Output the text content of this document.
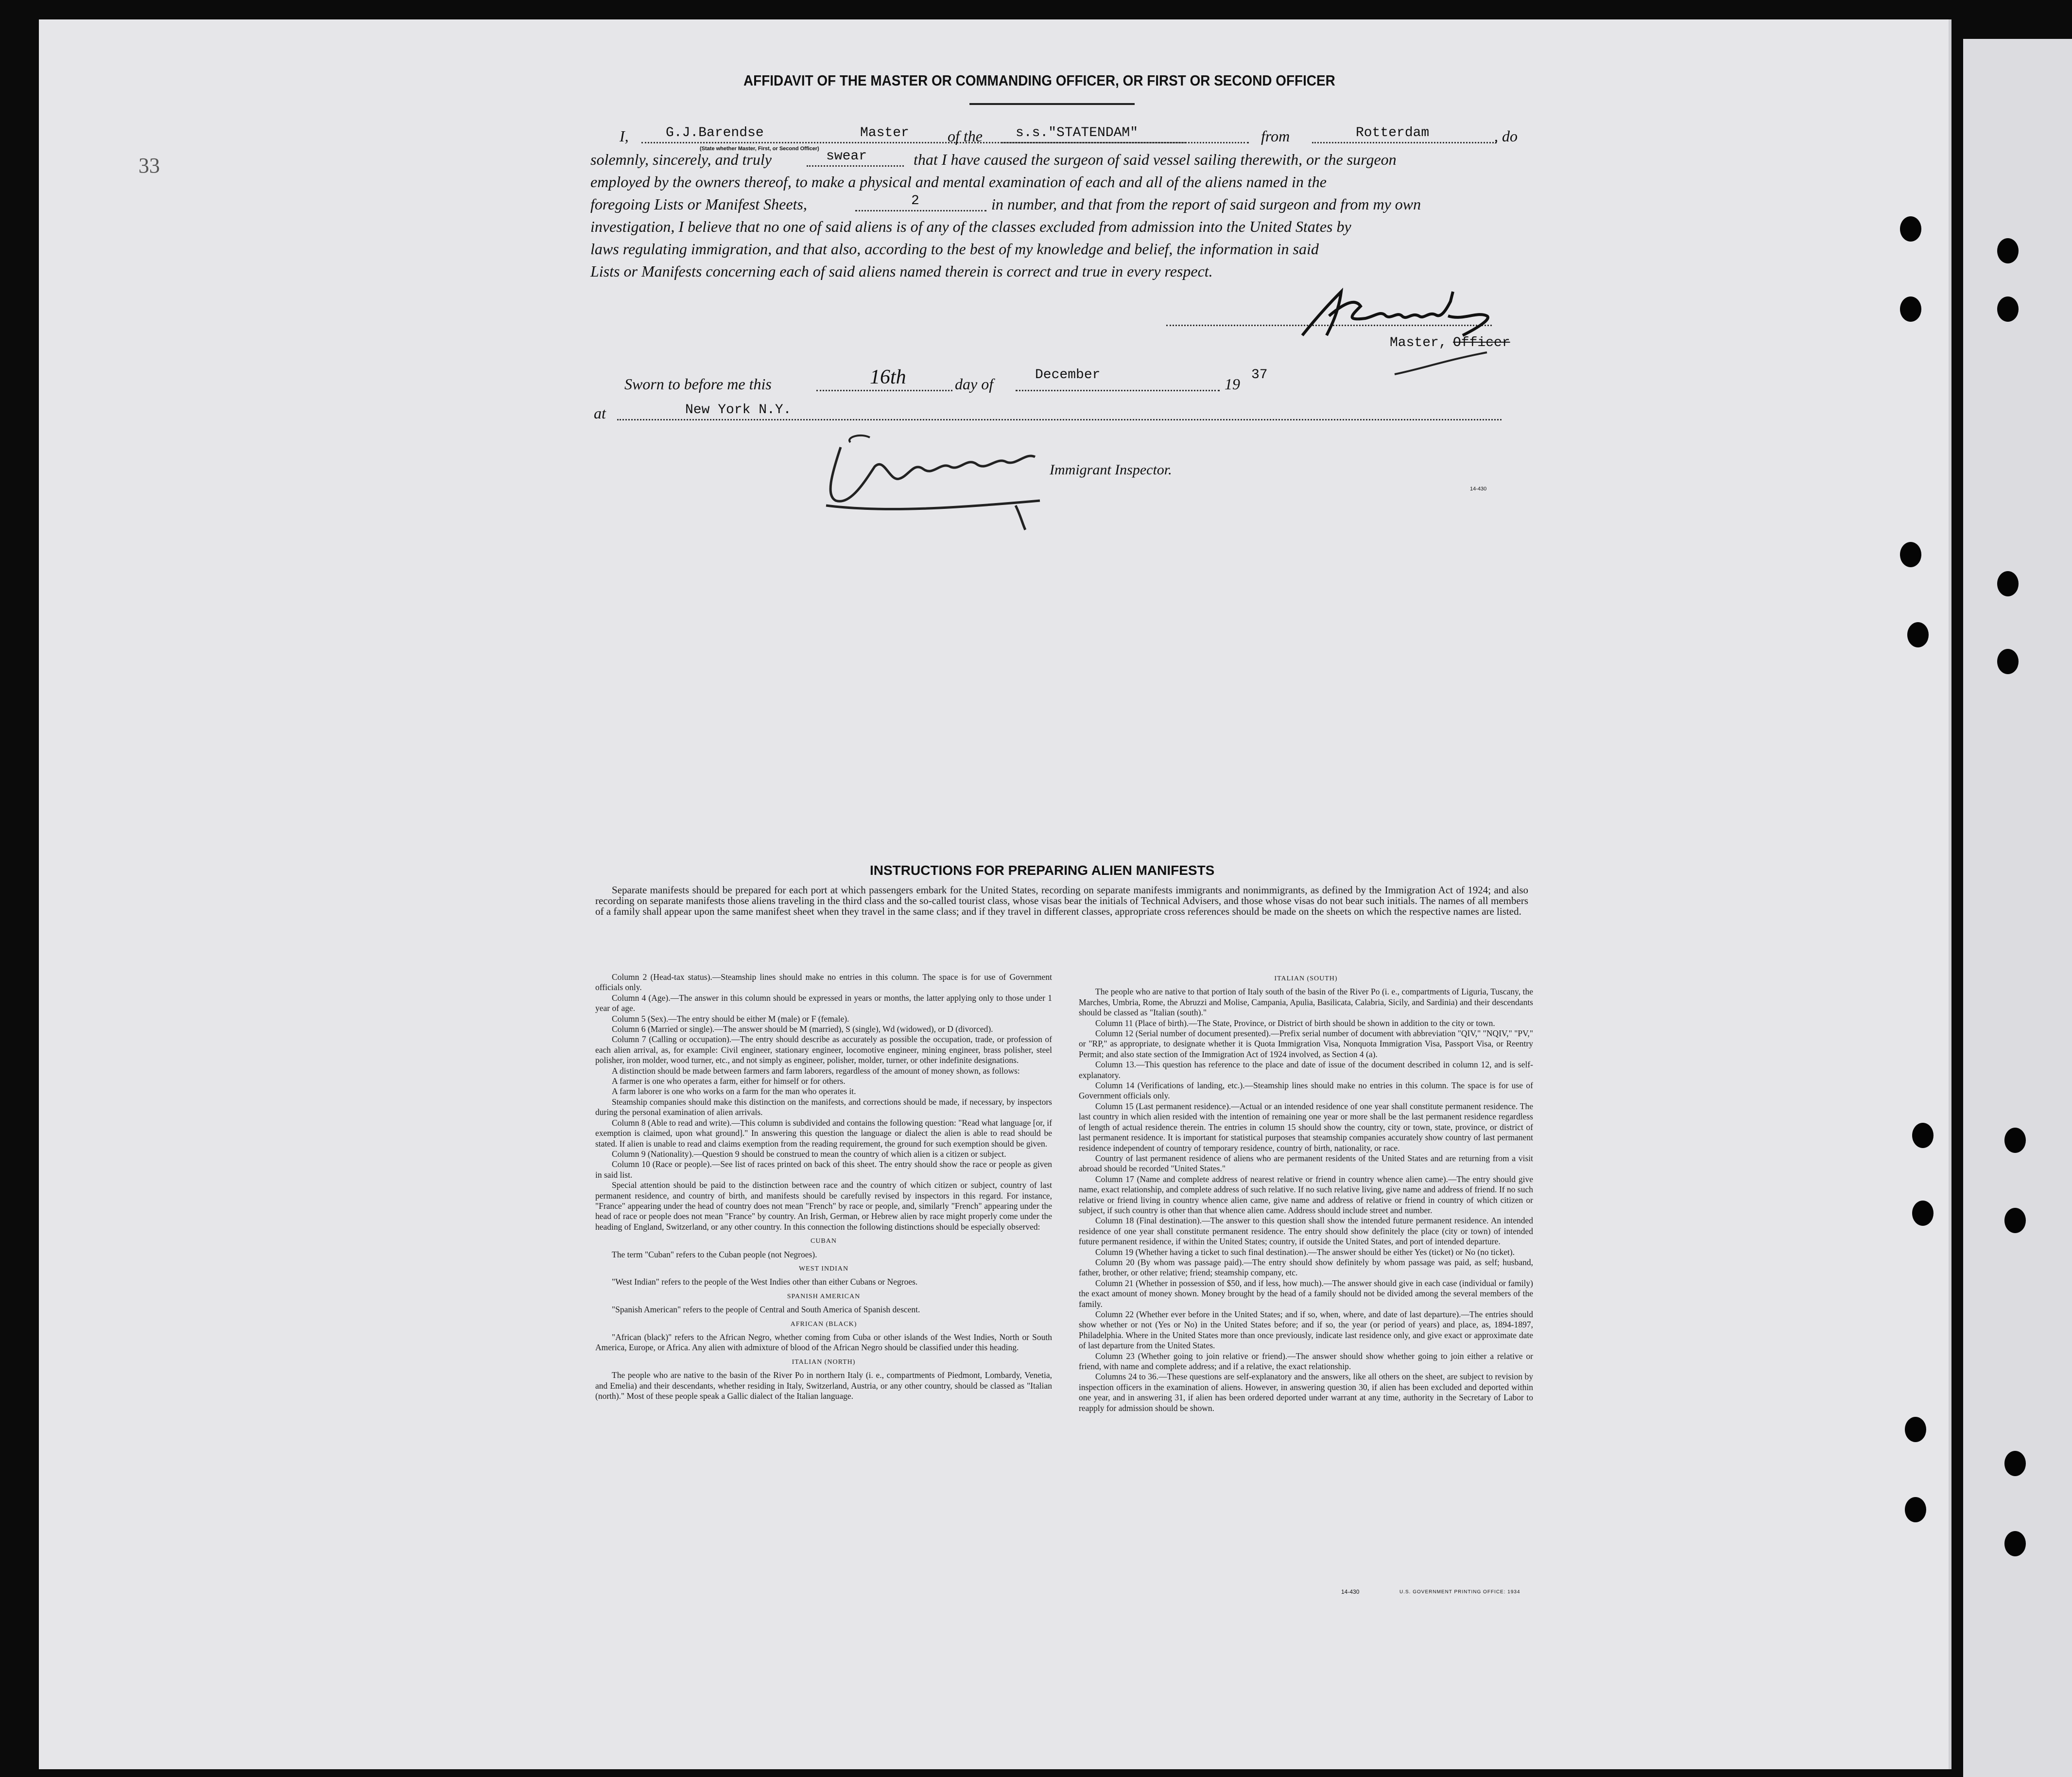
33
AFFIDAVIT OF THE MASTER OR COMMANDING OFFICER, OR FIRST OR SECOND OFFICER
I,	G.J.Barendse	Master
(State whether Master, First, or Second Officer)
of the s.s."STATENDAM"	from	Rotterdam	, do
solemnly, sincerely, and truly	swear	that I have caused the surgeon of said vessel sailing therewith, or the surgeon
employed by the owners thereof, to make a physical and mental examination of each and all of the aliens named in the
foregoing Lists or Manifest Sheets,	2	in number, and that from the report of said surgeon and from my own
investigation, I believe that no one of said aliens is of any of the classes excluded from admission into the United States by
laws regulating immigration, and that also, according to the best of my knowledge and belief, the information in said
Lists or Manifests concerning each of said aliens named therein is correct and true in every respect.
Master, Officer
Sworn to before me this	16th	day of
December
19
37
at	New York N.Y.
Immigrant Inspector.
14-430
INSTRUCTIONS FOR PREPARING ALIEN MANIFESTS

Separate manifests should be prepared for each port at which passengers embark for the United States, recording on separate manifests immigrants and nonimmigrants, as defined by the Immigration Act of 1924; and also recording on separate manifests those aliens traveling in the third class and the so-called tourist class, whose visas bear the initials of Technical Advisers, and those whose visas do not bear such initials. The names of all members of a family shall appear upon the same manifest sheet when they travel in the same class; and if they travel in different classes, appropriate cross references should be made on the sheets on which the respective names are listed.

Column 2 (Head-tax status).—Steamship lines should make no entries in this column. The space is for use of Government officials only.

Column 4 (Age).—The answer in this column should be expressed in years or months, the latter applying only to those under 1 year of age.

Column 5 (Sex).—The entry should be either M (male) or F (female).

Column 6 (Married or single).—The answer should be M (married), S (single), Wd (widowed), or D (divorced).

Column 7 (Calling or occupation).—The entry should describe as accurately as possible the occupation, trade, or profession of each alien arrival, as, for example: Civil engineer, stationary engineer, locomotive engineer, mining engineer, brass polisher, steel polisher, iron molder, wood turner, etc., and not simply as engineer, polisher, molder, turner, or other indefinite designations.

A distinction should be made between farmers and farm laborers, regardless of the amount of money shown, as follows:

A farmer is one who operates a farm, either for himself or for others.

A farm laborer is one who works on a farm for the man who operates it.

Steamship companies should make this distinction on the manifests, and corrections should be made, if necessary, by inspectors during the personal examination of alien arrivals.

Column 8 (Able to read and write).—This column is subdivided and contains the following question: "Read what language [or, if exemption is claimed, upon what ground]." In answering this question the language or dialect the alien is able to read should be stated. If alien is unable to read and claims exemption from the reading requirement, the ground for such exemption should be given.

Column 9 (Nationality).—Question 9 should be construed to mean the country of which alien is a citizen or subject.

Column 10 (Race or people).—See list of races printed on back of this sheet. The entry should show the race or people as given in said list.

Special attention should be paid to the distinction between race and the country of which citizen or subject, country of last permanent residence, and country of birth, and manifests should be carefully revised by inspectors in this regard. For instance, "France" appearing under the head of country does not mean "French" by race or people, and, similarly "French" appearing under the head of race or people does not mean "France" by country. An Irish, German, or Hebrew alien by race might properly come under the heading of England, Switzerland, or any other country. In this connection the following distinctions should be especially observed:

CUBAN

The term "Cuban" refers to the Cuban people (not Negroes).

WEST INDIAN

"West Indian" refers to the people of the West Indies other than either Cubans or Negroes.

SPANISH AMERICAN

"Spanish American" refers to the people of Central and South America of Spanish descent.

AFRICAN (BLACK)

"African (black)" refers to the African Negro, whether coming from Cuba or other islands of the West Indies, North or South America, Europe, or Africa. Any alien with admixture of blood of the African Negro should be classified under this heading.

ITALIAN (NORTH)

The people who are native to the basin of the River Po in northern Italy (i. e., compartments of Piedmont, Lombardy, Venetia, and Emelia) and their descendants, whether residing in Italy, Switzerland, Austria, or any other country, should be classed as "Italian (north)." Most of these people speak a Gallic dialect of the Italian language.

ITALIAN (SOUTH)

The people who are native to that portion of Italy south of the basin of the River Po (i. e., compartments of Liguria, Tuscany, the Marches, Umbria, Rome, the Abruzzi and Molise, Campania, Apulia, Basilicata, Calabria, Sicily, and Sardinia) and their descendants should be classed as "Italian (south)."

Column 11 (Place of birth).—The State, Province, or District of birth should be shown in addition to the city or town.

Column 12 (Serial number of document presented).—Prefix serial number of document with abbreviation "QIV," "NQIV," "PV," or "RP," as appropriate, to designate whether it is Quota Immigration Visa, Nonquota Immigration Visa, Passport Visa, or Reentry Permit; and also state section of the Immigration Act of 1924 involved, as Section 4 (a).

Column 13.—This question has reference to the place and date of issue of the document described in column 12, and is self-explanatory.

Column 14 (Verifications of landing, etc.).—Steamship lines should make no entries in this column. The space is for use of Government officials only.

Column 15 (Last permanent residence).—Actual or an intended residence of one year shall constitute permanent residence. The last country in which alien resided with the intention of remaining one year or more shall be the last permanent residence regardless of length of actual residence therein. The entries in column 15 should show the country, city or town, state, province, or district of last permanent residence. It is important for statistical purposes that steamship companies accurately show country of last permanent residence independent of country of temporary residence, country of birth, nationality, or race.

Country of last permanent residence of aliens who are permanent residents of the United States and are returning from a visit abroad should be recorded "United States."

Column 17 (Name and complete address of nearest relative or friend in country whence alien came).—The entry should give name, exact relationship, and complete address of such relative. If no such relative living, give name and address of friend. If no such relative or friend living in country whence alien came, give name and address of relative or friend in country of which citizen or subject, if such country is other than that whence alien came. Address should include street and number.

Column 18 (Final destination).—The answer to this question shall show the intended future permanent residence. An intended residence of one year shall constitute permanent residence. The entry should show definitely the place (city or town) of intended future permanent residence, if within the United States; country, if outside the United States, and port of intended departure.

Column 19 (Whether having a ticket to such final destination).—The answer should be either Yes (ticket) or No (no ticket).

Column 20 (By whom was passage paid).—The entry should show definitely by whom passage was paid, as self; husband, father, brother, or other relative; friend; steamship company, etc.

Column 21 (Whether in possession of $50, and if less, how much).—The answer should give in each case (individual or family) the exact amount of money shown. Money brought by the head of a family should not be divided among the several members of the family.

Column 22 (Whether ever before in the United States; and if so, when, where, and date of last departure).—The entries should show whether or not (Yes or No) in the United States before; and if so, the year (or period of years) and place, as, 1894-1897, Philadelphia. Where in the United States more than once previously, indicate last residence only, and give exact or approximate date of last departure from the United States.

Column 23 (Whether going to join relative or friend).—The answer should show whether going to join either a relative or friend, with name and complete address; and if a relative, the exact relationship.

Columns 24 to 36.—These questions are self-explanatory and the answers, like all others on the sheet, are subject to revision by inspection officers in the examination of aliens. However, in answering question 30, if alien has been excluded and deported within one year, and in answering 31, if alien has been ordered deported under warrant at any time, authority in the Secretary of Labor to reapply for admission should be shown.

14-430	U.S. GOVERNMENT PRINTING OFFICE: 1934
